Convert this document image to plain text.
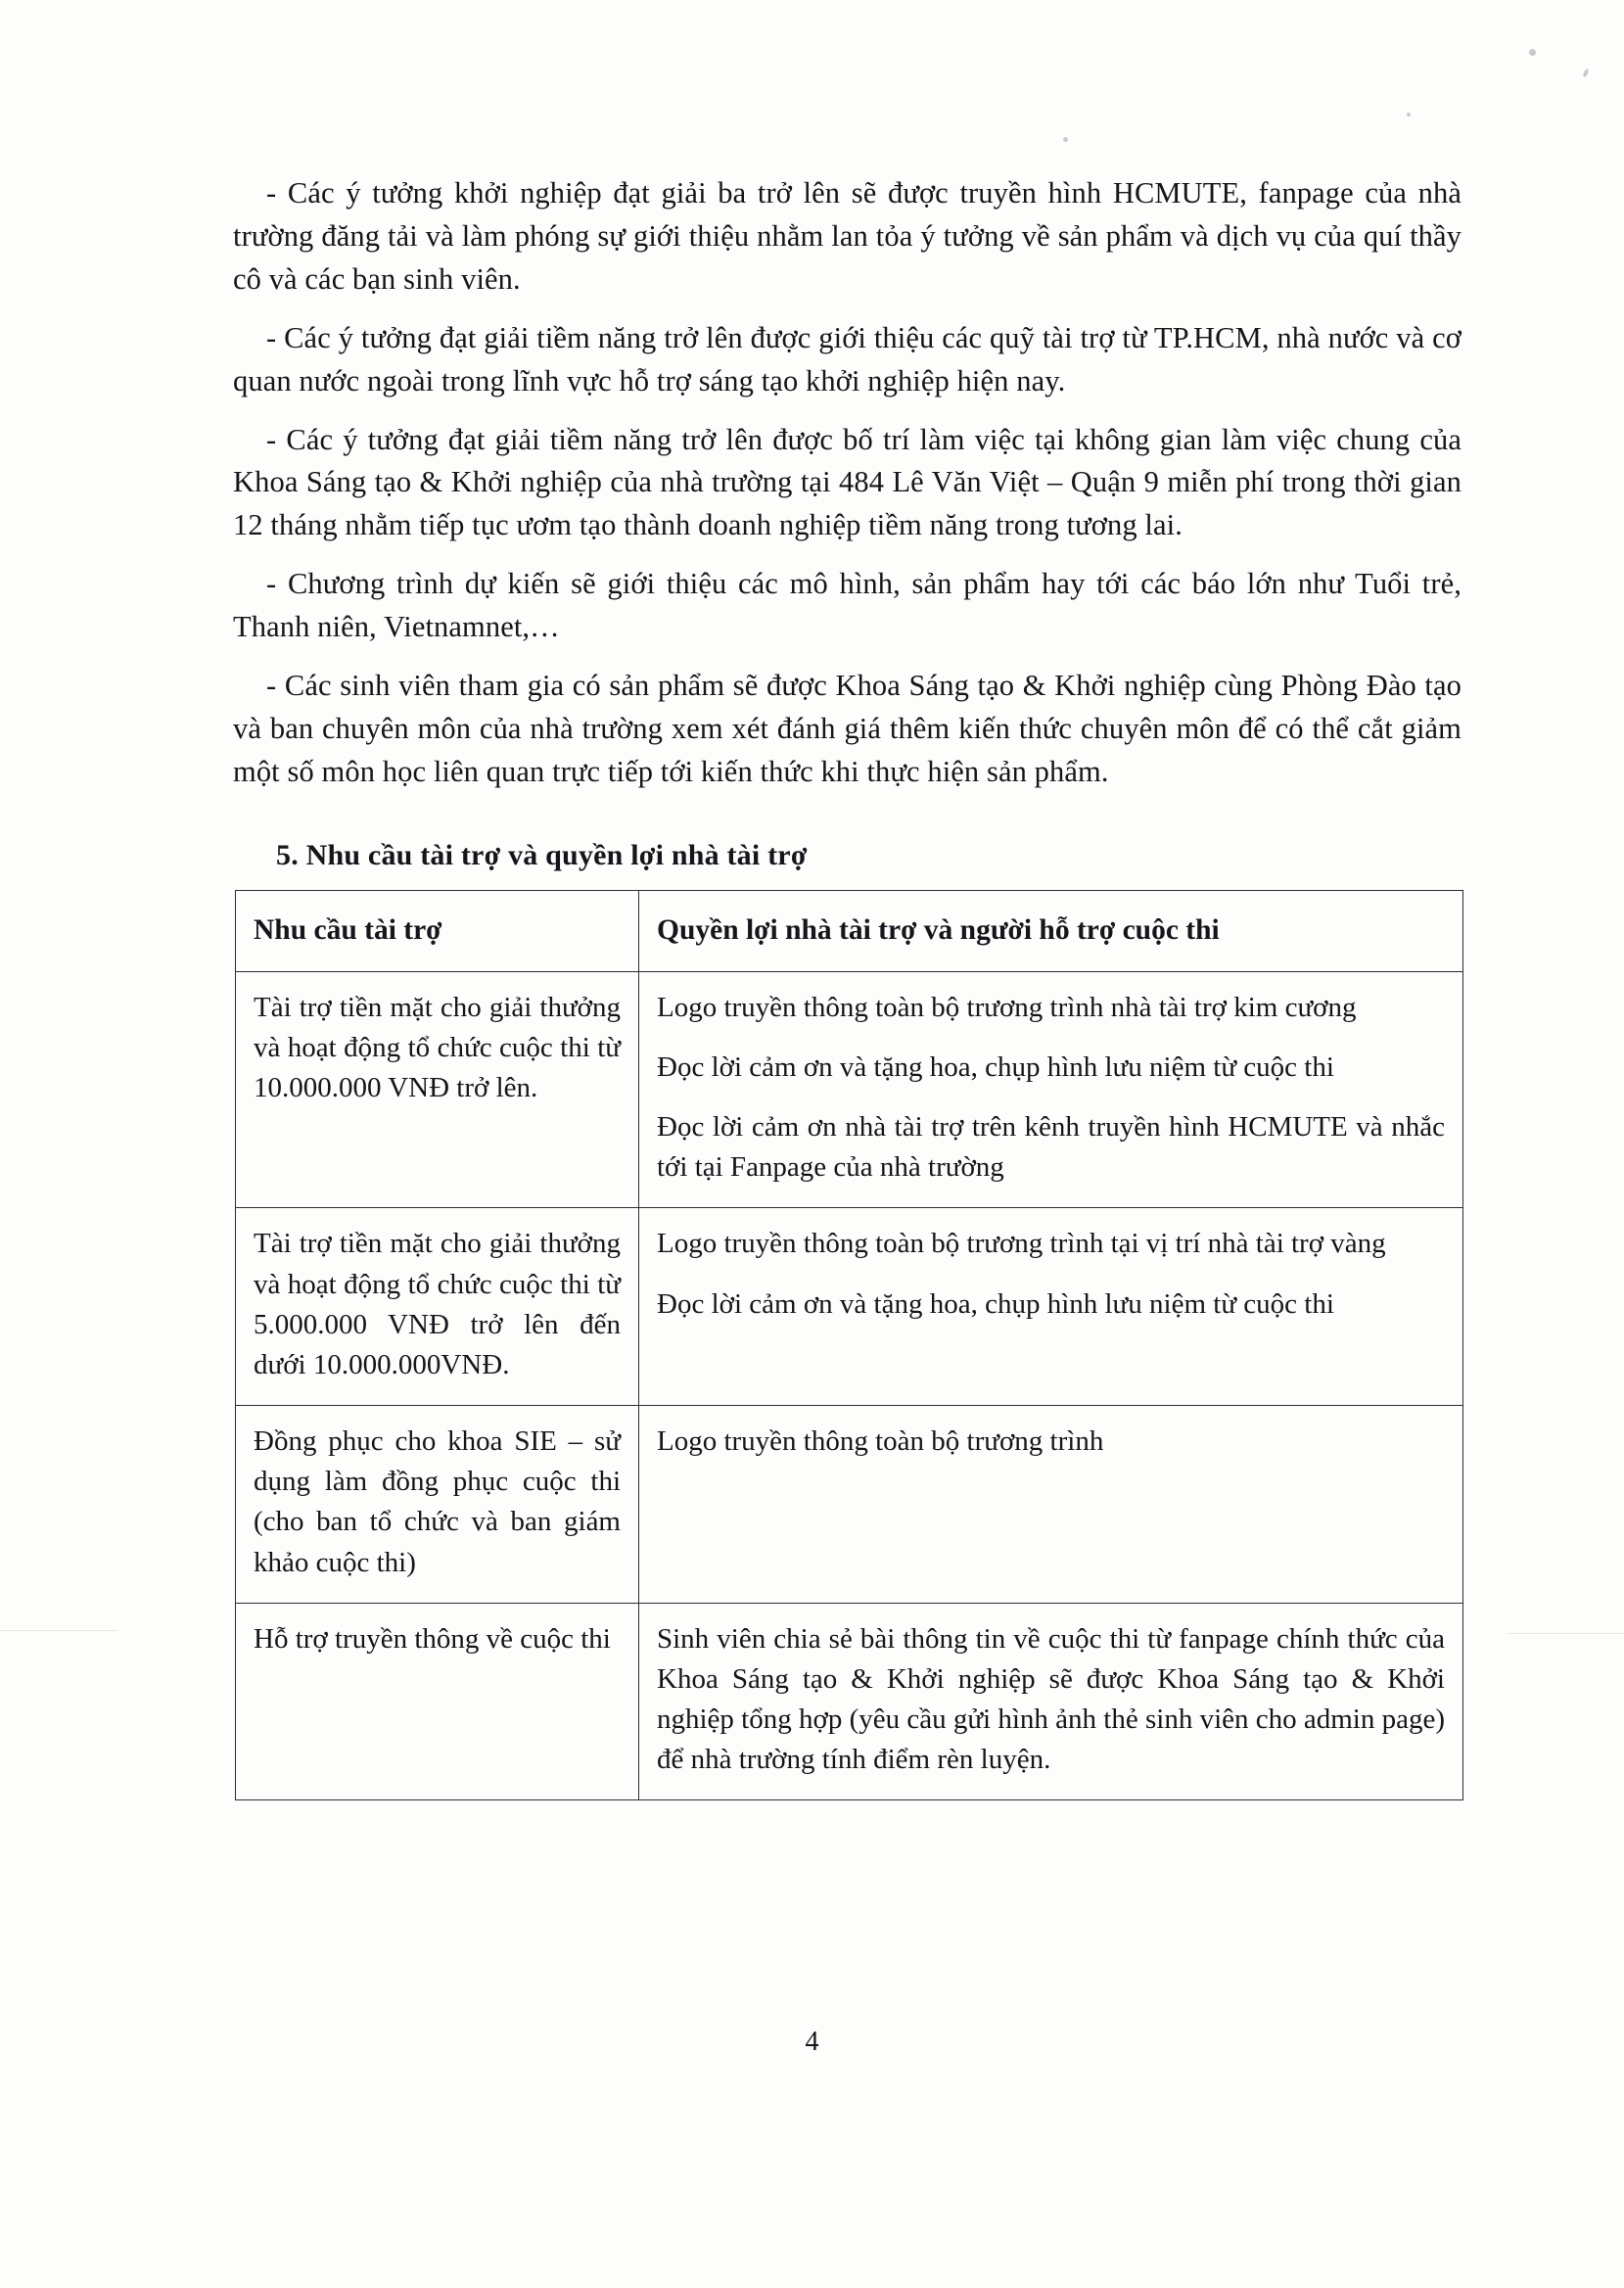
- Các ý tưởng khởi nghiệp đạt giải ba trở lên sẽ được truyền hình HCMUTE, fanpage của nhà trường đăng tải và làm phóng sự giới thiệu nhằm lan tỏa ý tưởng về sản phẩm và dịch vụ của quí thầy cô và các bạn sinh viên.

- Các ý tưởng đạt giải tiềm năng trở lên được giới thiệu các quỹ tài trợ từ TP.HCM, nhà nước và cơ quan nước ngoài trong lĩnh vực hỗ trợ sáng tạo khởi nghiệp hiện nay.

- Các ý tưởng đạt giải tiềm năng trở lên được bố trí làm việc tại không gian làm việc chung của Khoa Sáng tạo & Khởi nghiệp của nhà trường tại 484 Lê Văn Việt – Quận 9 miễn phí trong thời gian 12 tháng nhằm tiếp tục ươm tạo thành doanh nghiệp tiềm năng trong tương lai.

- Chương trình dự kiến sẽ giới thiệu các mô hình, sản phẩm hay tới các báo lớn như Tuổi trẻ, Thanh niên, Vietnamnet,…

- Các sinh viên tham gia có sản phẩm sẽ được Khoa Sáng tạo & Khởi nghiệp cùng Phòng Đào tạo và ban chuyên môn của nhà trường xem xét đánh giá thêm kiến thức chuyên môn để có thể cắt giảm một số môn học liên quan trực tiếp tới kiến thức khi thực hiện sản phẩm.

5. Nhu cầu tài trợ và quyền lợi nhà tài trợ
Nhu cầu tài trợ	Quyền lợi nhà tài trợ và người hỗ trợ cuộc thi

Tài trợ tiền mặt cho giải thưởng và hoạt động tổ chức cuộc thi từ 10.000.000 VNĐ trở lên.	Logo truyền thông toàn bộ trương trình nhà tài trợ kim cương

Đọc lời cảm ơn và tặng hoa, chụp hình lưu niệm từ cuộc thi

Đọc lời cảm ơn nhà tài trợ trên kênh truyền hình HCMUTE và nhắc tới tại Fanpage của nhà trường

Tài trợ tiền mặt cho giải thưởng và hoạt động tổ chức cuộc thi từ 5.000.000 VNĐ trở lên đến dưới 10.000.000VNĐ.	Logo truyền thông toàn bộ trương trình tại vị trí nhà tài trợ vàng

Đọc lời cảm ơn và tặng hoa, chụp hình lưu niệm từ cuộc thi

Đồng phục cho khoa SIE – sử dụng làm đồng phục cuộc thi (cho ban tổ chức và ban giám khảo cuộc thi)	Logo truyền thông toàn bộ trương trình

Hỗ trợ truyền thông về cuộc thi	Sinh viên chia sẻ bài thông tin về cuộc thi từ fanpage chính thức của Khoa Sáng tạo & Khởi nghiệp sẽ được Khoa Sáng tạo & Khởi nghiệp tổng hợp (yêu cầu gửi hình ảnh thẻ sinh viên cho admin page) để nhà trường tính điểm rèn luyện.

4
